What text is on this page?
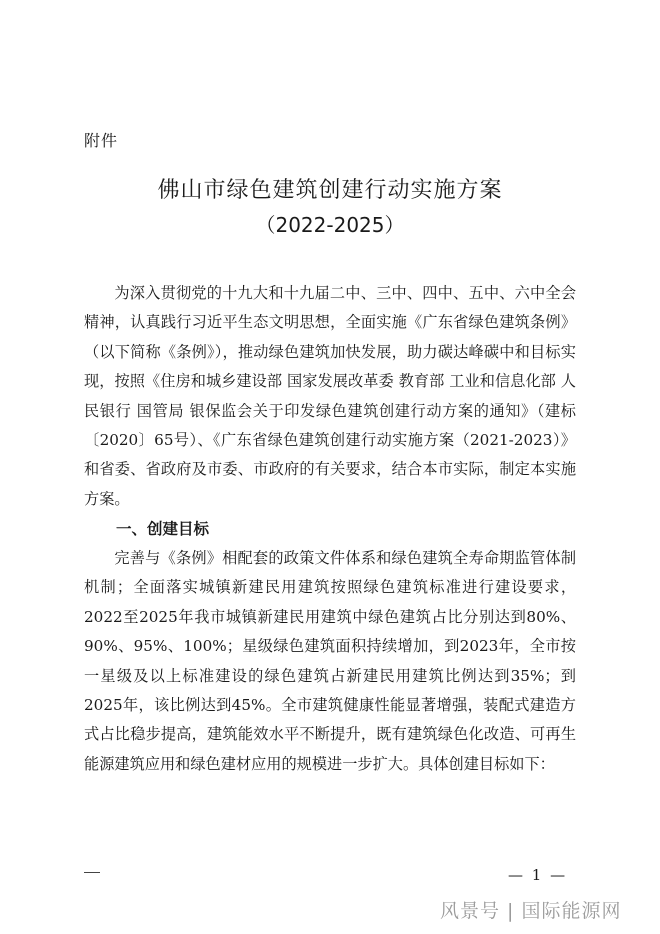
附件
佛山市绿色建筑创建行动实施方案
（2022-2025）

为深入贯彻党的十九大和十九届二中、三中、四中、五中、六中全会精神，认真践行习近平生态文明思想，全面实施《广东省绿色建筑条例》（以下简称《条例》），推动绿色建筑加快发展，助力碳达峰碳中和目标实现，按照《住房和城乡建设部 国家发展改革委 教育部 工业和信息化部 人民银行 国管局 银保监会关于印发绿色建筑创建行动方案的通知》（建标〔2020〕65号）、《广东省绿色建筑创建行动实施方案（2021-2023）》和省委、省政府及市委、市政府的有关要求，结合本市实际，制定本实施方案。

一、创建目标

完善与《条例》相配套的政策文件体系和绿色建筑全寿命期监管体制机制；全面落实城镇新建民用建筑按照绿色建筑标准进行建设要求，2022至2025年我市城镇新建民用建筑中绿色建筑占比分别达到80%、90%、95%、100%；星级绿色建筑面积持续增加，到2023年，全市按一星级及以上标准建设的绿色建筑占新建民用建筑比例达到35%；到2025年，该比例达到45%。全市建筑健康性能显著增强，装配式建造方式占比稳步提高，建筑能效水平不断提升，既有建筑绿色化改造、可再生能源建筑应用和绿色建材应用的规模进一步扩大。具体创建目标如下：

— 1 —
风景号 | 国际能源网
